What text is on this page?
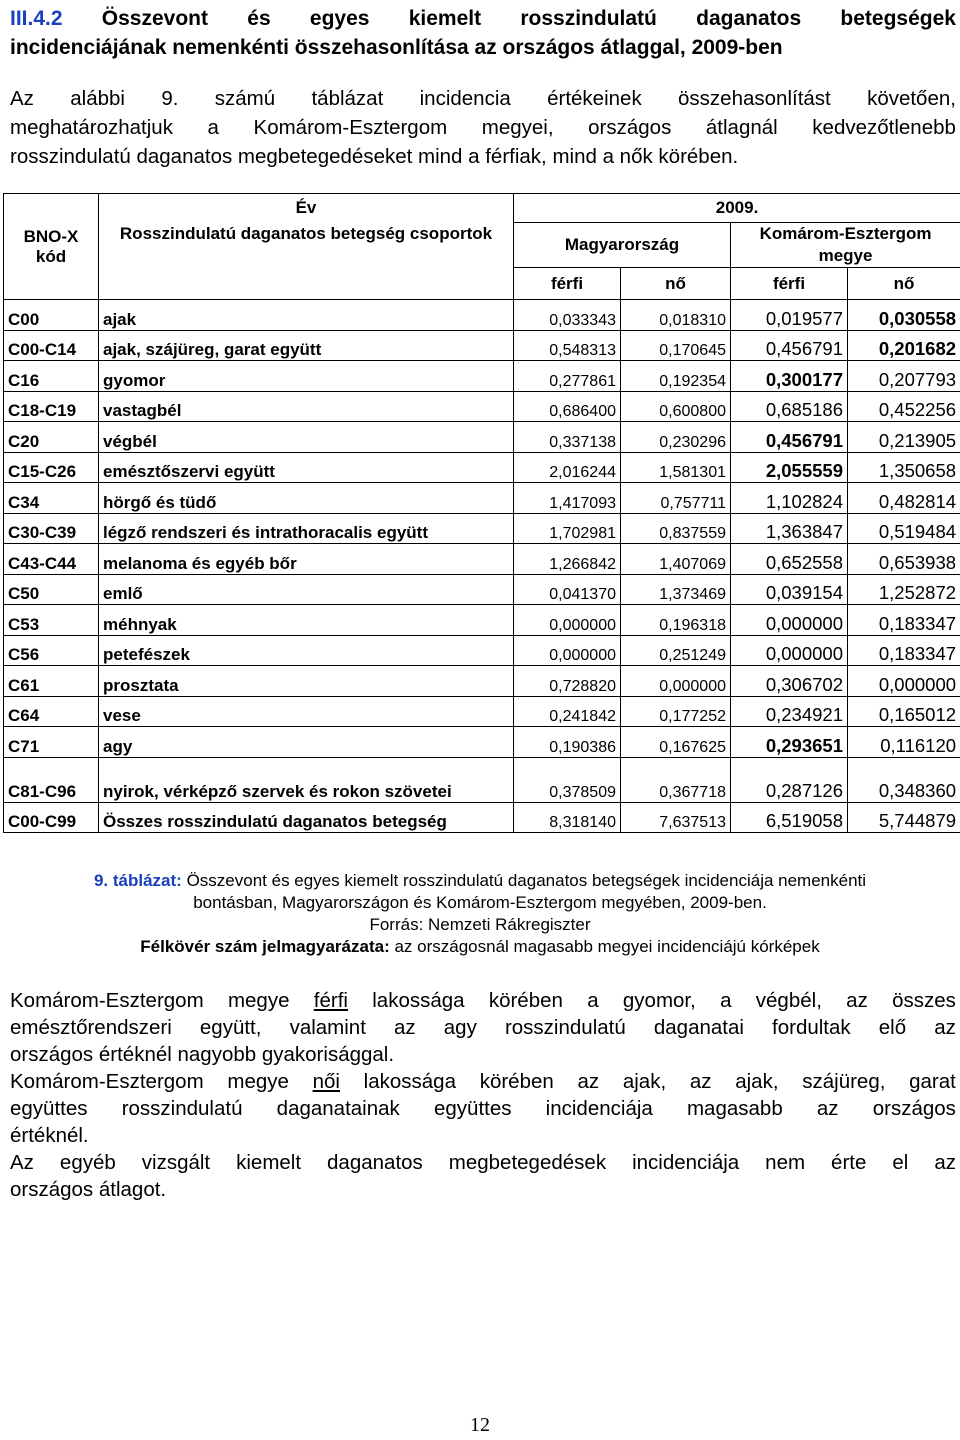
III.4.2 Összevont és egyes kiemelt rosszindulatú daganatos betegségek
incidenciájának nemenkénti összehasonlítása az országos átlaggal, 2009-ben
Az alábbi 9. számú táblázat incidencia értékeinek összehasonlítást követően,
meghatározhatjuk a Komárom-Esztergom megyei, országos átlagnál kedvezőtlenebb
rosszindulatú daganatos megbetegedéseket mind a férfiak, mind a nők körében.
BNO-X kód	Év	2009.			
	Rosszindulatú daganatos betegség csoportok	Magyarország		Komárom-Esztergom megye	
		férfi	nő	férfi	nő
C00	ajak	0,033343	0,018310	0,019577	0,030558
C00-C14	ajak, szájüreg, garat együtt	0,548313	0,170645	0,456791	0,201682
C16	gyomor	0,277861	0,192354	0,300177	0,207793
C18-C19	vastagbél	0,686400	0,600800	0,685186	0,452256
C20	végbél	0,337138	0,230296	0,456791	0,213905
C15-C26	emésztőszervi együtt	2,016244	1,581301	2,055559	1,350658
C34	hörgő és tüdő	1,417093	0,757711	1,102824	0,482814
C30-C39	légző rendszeri és intrathoracalis együtt	1,702981	0,837559	1,363847	0,519484
C43-C44	melanoma és egyéb bőr	1,266842	1,407069	0,652558	0,653938
C50	emlő	0,041370	1,373469	0,039154	1,252872
C53	méhnyak	0,000000	0,196318	0,000000	0,183347
C56	petefészek	0,000000	0,251249	0,000000	0,183347
C61	prosztata	0,728820	0,000000	0,306702	0,000000
C64	vese	0,241842	0,177252	0,234921	0,165012
C71	agy	0,190386	0,167625	0,293651	0,116120
C81-C96	nyirok, vérképző szervek és rokon szövetei	0,378509	0,367718	0,287126	0,348360
C00-C99	Összes rosszindulatú daganatos betegség	8,318140	7,637513	6,519058	5,744879
9. táblázat: Összevont és egyes kiemelt rosszindulatú daganatos betegségek incidenciája nemenkénti
bontásban, Magyarországon és Komárom-Esztergom megyében, 2009-ben.
Forrás: Nemzeti Rákregiszter
Félkövér szám jelmagyarázata: az országosnál magasabb megyei incidenciájú kórképek
Komárom-Esztergom megye férfi lakossága körében a gyomor, a végbél, az összes
emésztőrendszeri együtt, valamint az agy rosszindulatú daganatai fordultak elő az
országos értéknél nagyobb gyakorisággal.
Komárom-Esztergom megye női lakossága körében az ajak, az ajak, szájüreg, garat
együttes rosszindulatú daganatainak együttes incidenciája magasabb az országos
értéknél.
Az egyéb vizsgált kiemelt daganatos megbetegedések incidenciája nem érte el az
országos átlagot.
12
